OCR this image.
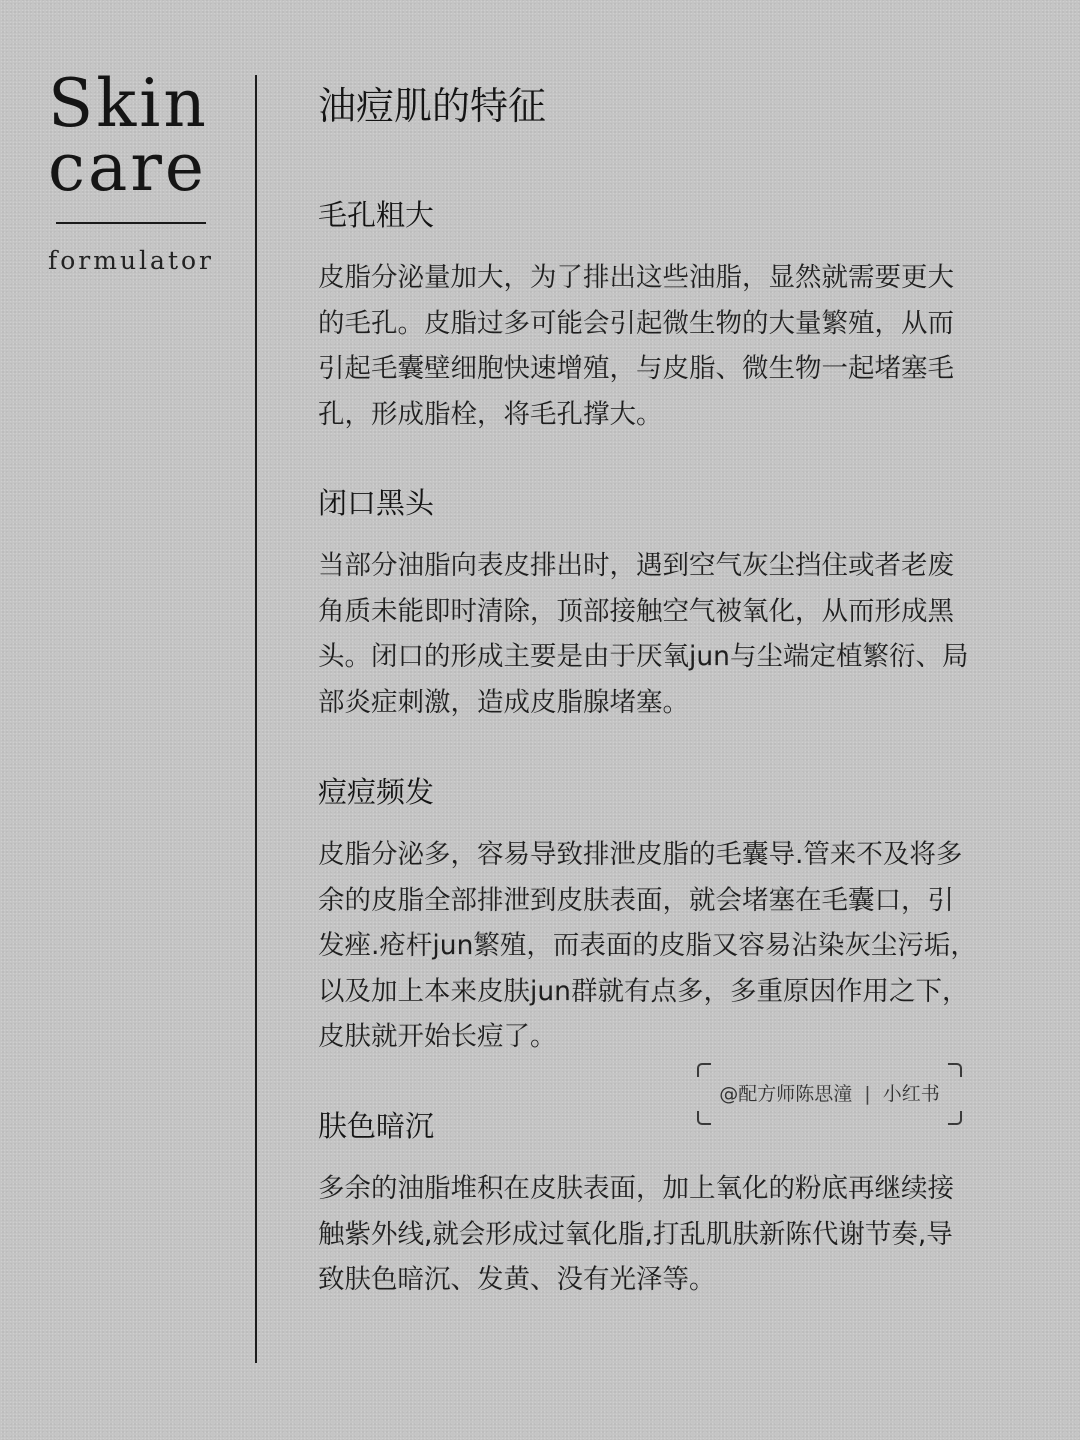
Skin
care
formulator
油痘肌的特征
毛孔粗大

皮脂分泌量加大，为了排出这些油脂，显然就需要更大
的毛孔。皮脂过多可能会引起微生物的大量繁殖，从而
引起毛囊壁细胞快速增殖，与皮脂、微生物一起堵塞毛
孔，形成脂栓，将毛孔撑大。

闭口黑头

当部分油脂向表皮排出时，遇到空气灰尘挡住或者老废
角质未能即时清除，顶部接触空气被氧化，从而形成黑
头。闭口的形成主要是由于厌氧jun与尘端定植繁衍、局
部炎症刺激，造成皮脂腺堵塞。

痘痘频发

皮脂分泌多，容易导致排泄皮脂的毛囊导.管来不及将多
余的皮脂全部排泄到皮肤表面，就会堵塞在毛囊口，引
发痤.疮杆jun繁殖，而表面的皮脂又容易沾染灰尘污垢，
以及加上本来皮肤jun群就有点多，多重原因作用之下，
皮肤就开始长痘了。

肤色暗沉

多余的油脂堆积在皮肤表面，加上氧化的粉底再继续接
触紫外线,就会形成过氧化脂,打乱肌肤新陈代谢节奏,导
致肤色暗沉、发黄、没有光泽等。

@配方师陈思潼 | 小红书
